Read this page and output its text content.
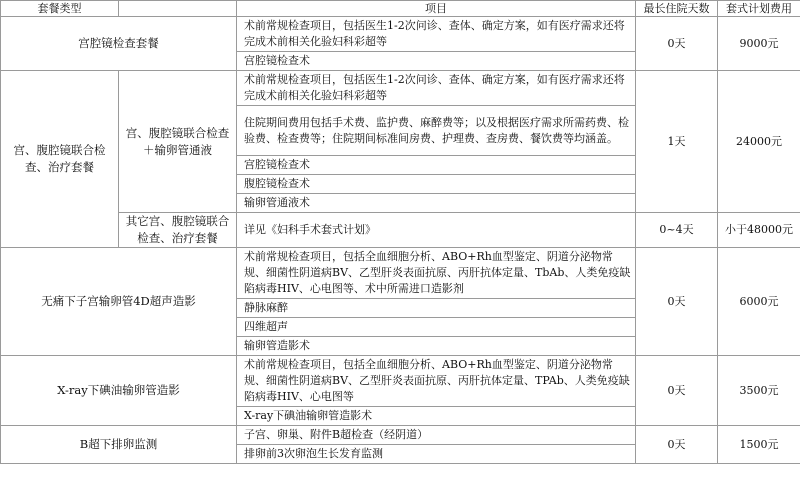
套餐类型		项目	最长住院天数	套式计划费用
宫腔镜检查套餐		术前常规检查项目，包括医生1-2次问诊、查体、确定方案，如有医疗需求还将完成术前相关化验妇科彩超等	0天	9000元
		宫腔镜检查术		
宫、腹腔镜联合检查、治疗套餐	宫、腹腔镜联合检查＋输卵管通液	术前常规检查项目，包括医生1-2次问诊、查体、确定方案，如有医疗需求还将完成术前相关化验妇科彩超等	1天	24000元
		住院期间费用包括手术费、监护费、麻醉费等；以及根据医疗需求所需药费、检验费、检查费等；住院期间标准间房费、护理费、查房费、餐饮费等均涵盖。		
		宫腔镜检查术		
		腹腔镜检查术		
		输卵管通液术		
	其它宫、腹腔镜联合检查、治疗套餐	详见《妇科手术套式计划》	0~4天	小于48000元
无痛下子宫输卵管4D超声造影		术前常规检查项目，包括全血细胞分析、ABO+Rh血型鉴定、阴道分泌物常规、细菌性阴道病BV、乙型肝炎表面抗原、丙肝抗体定量、TbAb、人类免疫缺陷病毒HIV、心电图等、术中所需进口造影剂	0天	6000元
		静脉麻醉		
		四维超声		
		输卵管造影术		
X-ray下碘油输卵管造影		术前常规检查项目，包括全血细胞分析、ABO+Rh血型鉴定、阴道分泌物常规、细菌性阴道病BV、乙型肝炎表面抗原、丙肝抗体定量、TPAb、人类免疫缺陷病毒HIV、心电图等	0天	3500元
		X-ray下碘油输卵管造影术		
B超下排卵监测		子宫、卵巢、附件B超检查（经阴道）	0天	1500元
		排卵前3次卵泡生长发育监测		
